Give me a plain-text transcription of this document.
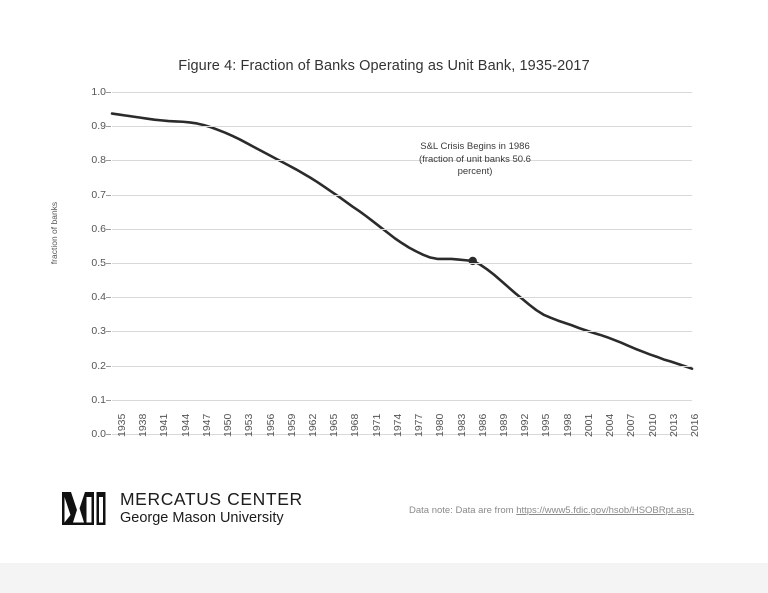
Figure 4: Fraction of Banks Operating as Unit Bank, 1935-2017
fraction of banks
0.0
0.1
0.2
0.3
0.4
0.5
0.6
0.7
0.8
0.9
1.0
S&L Crisis Begins in 1986
(fraction of unit banks 50.6
percent)
1935 1938 1941 1944 1947 1950 1953 1956 1959 1962 1965 1968 1971 1974 1977 1980 1983 1986 1989 1992 1995 1998 2001 2004 2007 2010 2013 2016
MERCATUS CENTER
George Mason University	Data note: Data are from https://www5.fdic.gov/hsob/HSOBRpt.asp.
